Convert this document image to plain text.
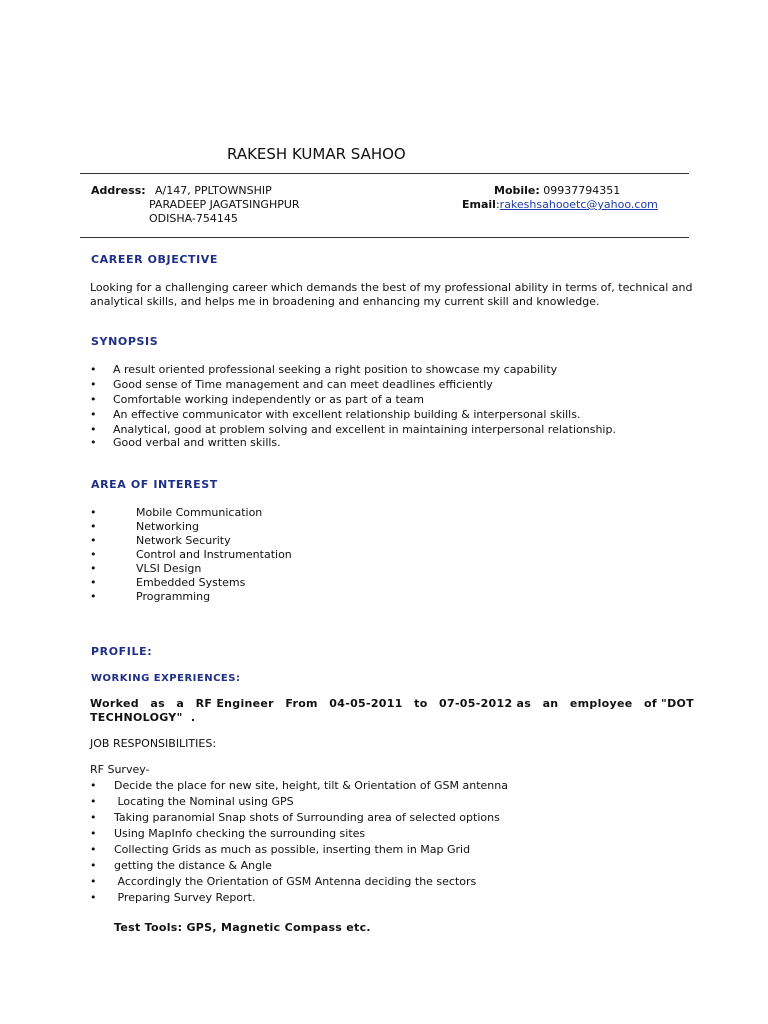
RAKESH KUMAR SAHOO
Address: A/147, PPLTOWNSHIP
PARADEEP JAGATSINGHPUR
ODISHA-754145
Mobile: 09937794351
Email:rakeshsahooetc@yahoo.com
CAREER OBJECTIVE
Looking for a challenging career which demands the best of my professional ability in terms of, technical and analytical skills, and helps me in broadening and enhancing my current skill and knowledge.
SYNOPSIS
• A result oriented professional seeking a right position to showcase my capability
• Good sense of Time management and can meet deadlines efficiently
• Comfortable working independently or as part of a team
• An effective communicator with excellent relationship building & interpersonal skills.
• Analytical, good at problem solving and excellent in maintaining interpersonal relationship.
• Good verbal and written skills.
AREA OF INTEREST
•	Mobile Communication
•	Networking
•	Network Security
•	Control and Instrumentation
•	VLSI Design
•	Embedded Systems
•	Programming
PROFILE:
WORKING EXPERIENCES:
Worked as a RF Engineer From 04-05-2011 to 07-05-2012 as an employee of "DOT
TECHNOLOGY"  .
JOB RESPONSIBILITIES:
RF Survey-
• Decide the place for new site, height, tilt & Orientation of GSM antenna
• Locating the Nominal using GPS
• Taking paranomial Snap shots of Surrounding area of selected options
• Using MapInfo checking the surrounding sites
• Collecting Grids as much as possible, inserting them in Map Grid
• getting the distance & Angle
• Accordingly the Orientation of GSM Antenna deciding the sectors
• Preparing Survey Report.
Test Tools: GPS, Magnetic Compass etc.
